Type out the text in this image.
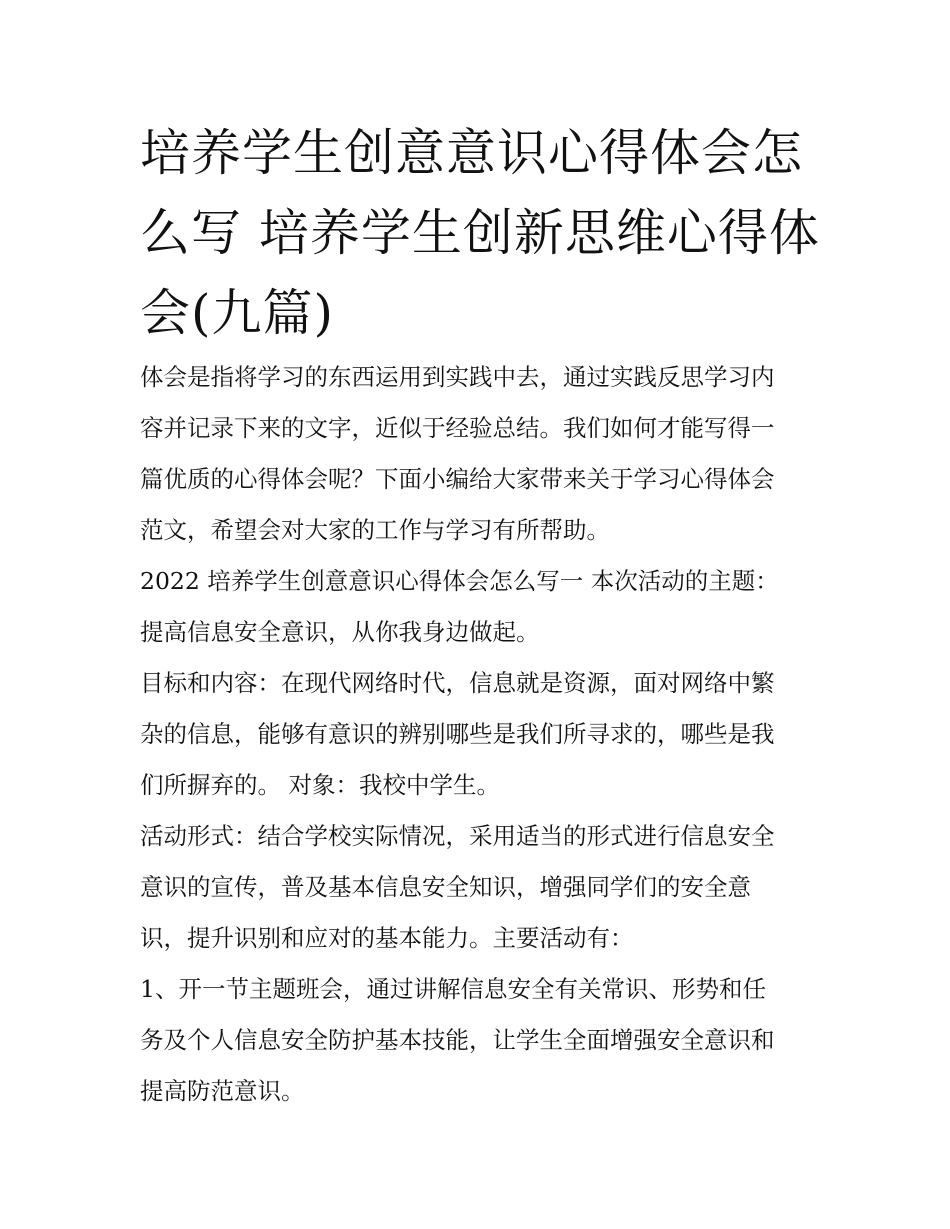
培养学生创意意识心得体会怎
么写 培养学生创新思维心得体
会(九篇)
体会是指将学习的东西运用到实践中去，通过实践反思学习内
容并记录下来的文字，近似于经验总结。我们如何才能写得一
篇优质的心得体会呢？下面小编给大家带来关于学习心得体会
范文，希望会对大家的工作与学习有所帮助。
2022 培养学生创意意识心得体会怎么写一 本次活动的主题：
提高信息安全意识，从你我身边做起。
目标和内容：在现代网络时代，信息就是资源，面对网络中繁
杂的信息，能够有意识的辨别哪些是我们所寻求的，哪些是我
们所摒弃的。 对象：我校中学生。
活动形式：结合学校实际情况，采用适当的形式进行信息安全
意识的宣传，普及基本信息安全知识，增强同学们的安全意
识，提升识别和应对的基本能力。主要活动有：
1、开一节主题班会，通过讲解信息安全有关常识、形势和任
务及个人信息安全防护基本技能，让学生全面增强安全意识和
提高防范意识。
